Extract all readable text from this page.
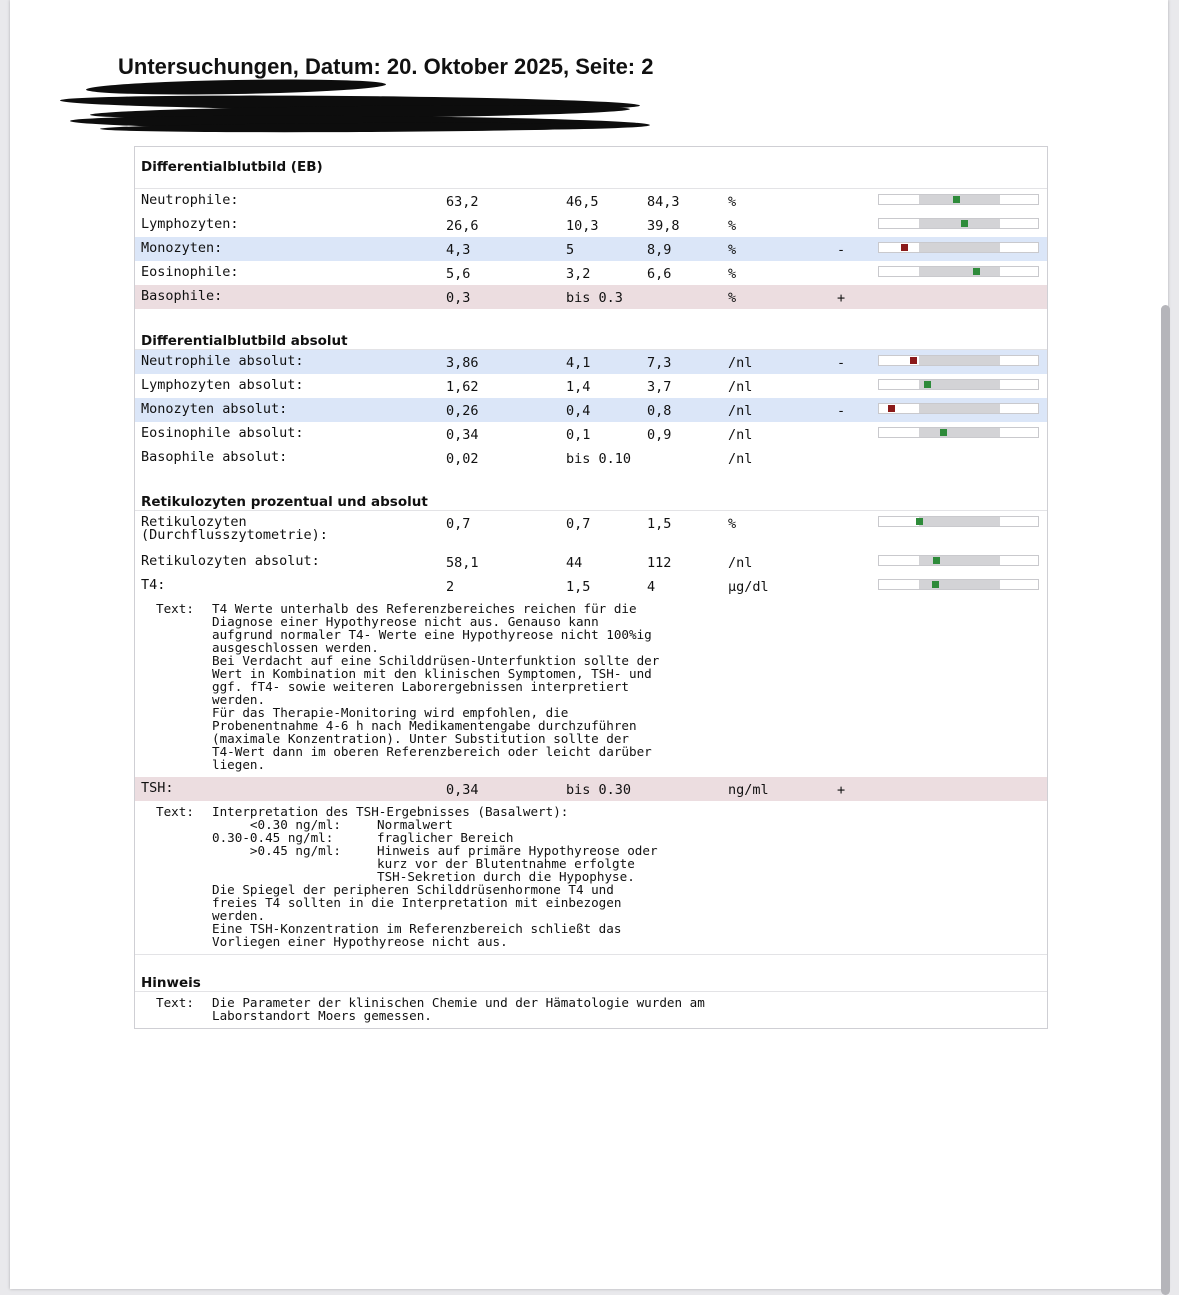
Untersuchungen, Datum: 20. Oktober 2025, Seite: 2
Differentialblutbild (EB)
Neutrophile:	63,2	46,5	84,3	%
Lymphozyten:	26,6	10,3	39,8	%
Monozyten:	4,3	5	8,9	%	-
Eosinophile:	5,6	3,2	6,6	%
Basophile:	0,3	bis 0.3	%	+
Differentialblutbild absolut
Neutrophile absolut:	3,86	4,1	7,3	/nl	-
Lymphozyten absolut:	1,62	1,4	3,7	/nl
Monozyten absolut:	0,26	0,4	0,8	/nl	-
Eosinophile absolut:	0,34	0,1	0,9	/nl
Basophile absolut:	0,02	bis 0.10	/nl
Retikulozyten prozentual und absolut
Retikulozyten
(Durchflusszytometrie):
0,7	0,7	1,5	%
Retikulozyten absolut:	58,1	44	112	/nl
T4:	2	1,5	4	µg/dl
Text: T4 Werte unterhalb des Referenzbereiches reichen für die
Diagnose einer Hypothyreose nicht aus. Genauso kann
aufgrund normaler T4- Werte eine Hypothyreose nicht 100%ig
ausgeschlossen werden.
Bei Verdacht auf eine Schilddrüsen-Unterfunktion sollte der
Wert in Kombination mit den klinischen Symptomen, TSH- und
ggf. fT4- sowie weiteren Laborergebnissen interpretiert
werden.
Für das Therapie-Monitoring wird empfohlen, die
Probenentnahme 4-6 h nach Medikamentengabe durchzuführen
(maximale Konzentration). Unter Substitution sollte der
T4-Wert dann im oberen Referenzbereich oder leicht darüber
liegen.
TSH:	0,34	bis 0.30	ng/ml	+
Text: Interpretation des TSH-Ergebnisses (Basalwert):
<0.30 ng/ml:	Normalwert
0.30-0.45 ng/ml:	fraglicher Bereich
>0.45 ng/ml:	Hinweis auf primäre Hypothyreose oder
kurz vor der Blutentnahme erfolgte
TSH-Sekretion durch die Hypophyse.
Die Spiegel der peripheren Schilddrüsenhormone T4 und
freies T4 sollten in die Interpretation mit einbezogen
werden.
Eine TSH-Konzentration im Referenzbereich schließt das
Vorliegen einer Hypothyreose nicht aus.
Hinweis
Text: Die Parameter der klinischen Chemie und der Hämatologie wurden am
Laborstandort Moers gemessen.
